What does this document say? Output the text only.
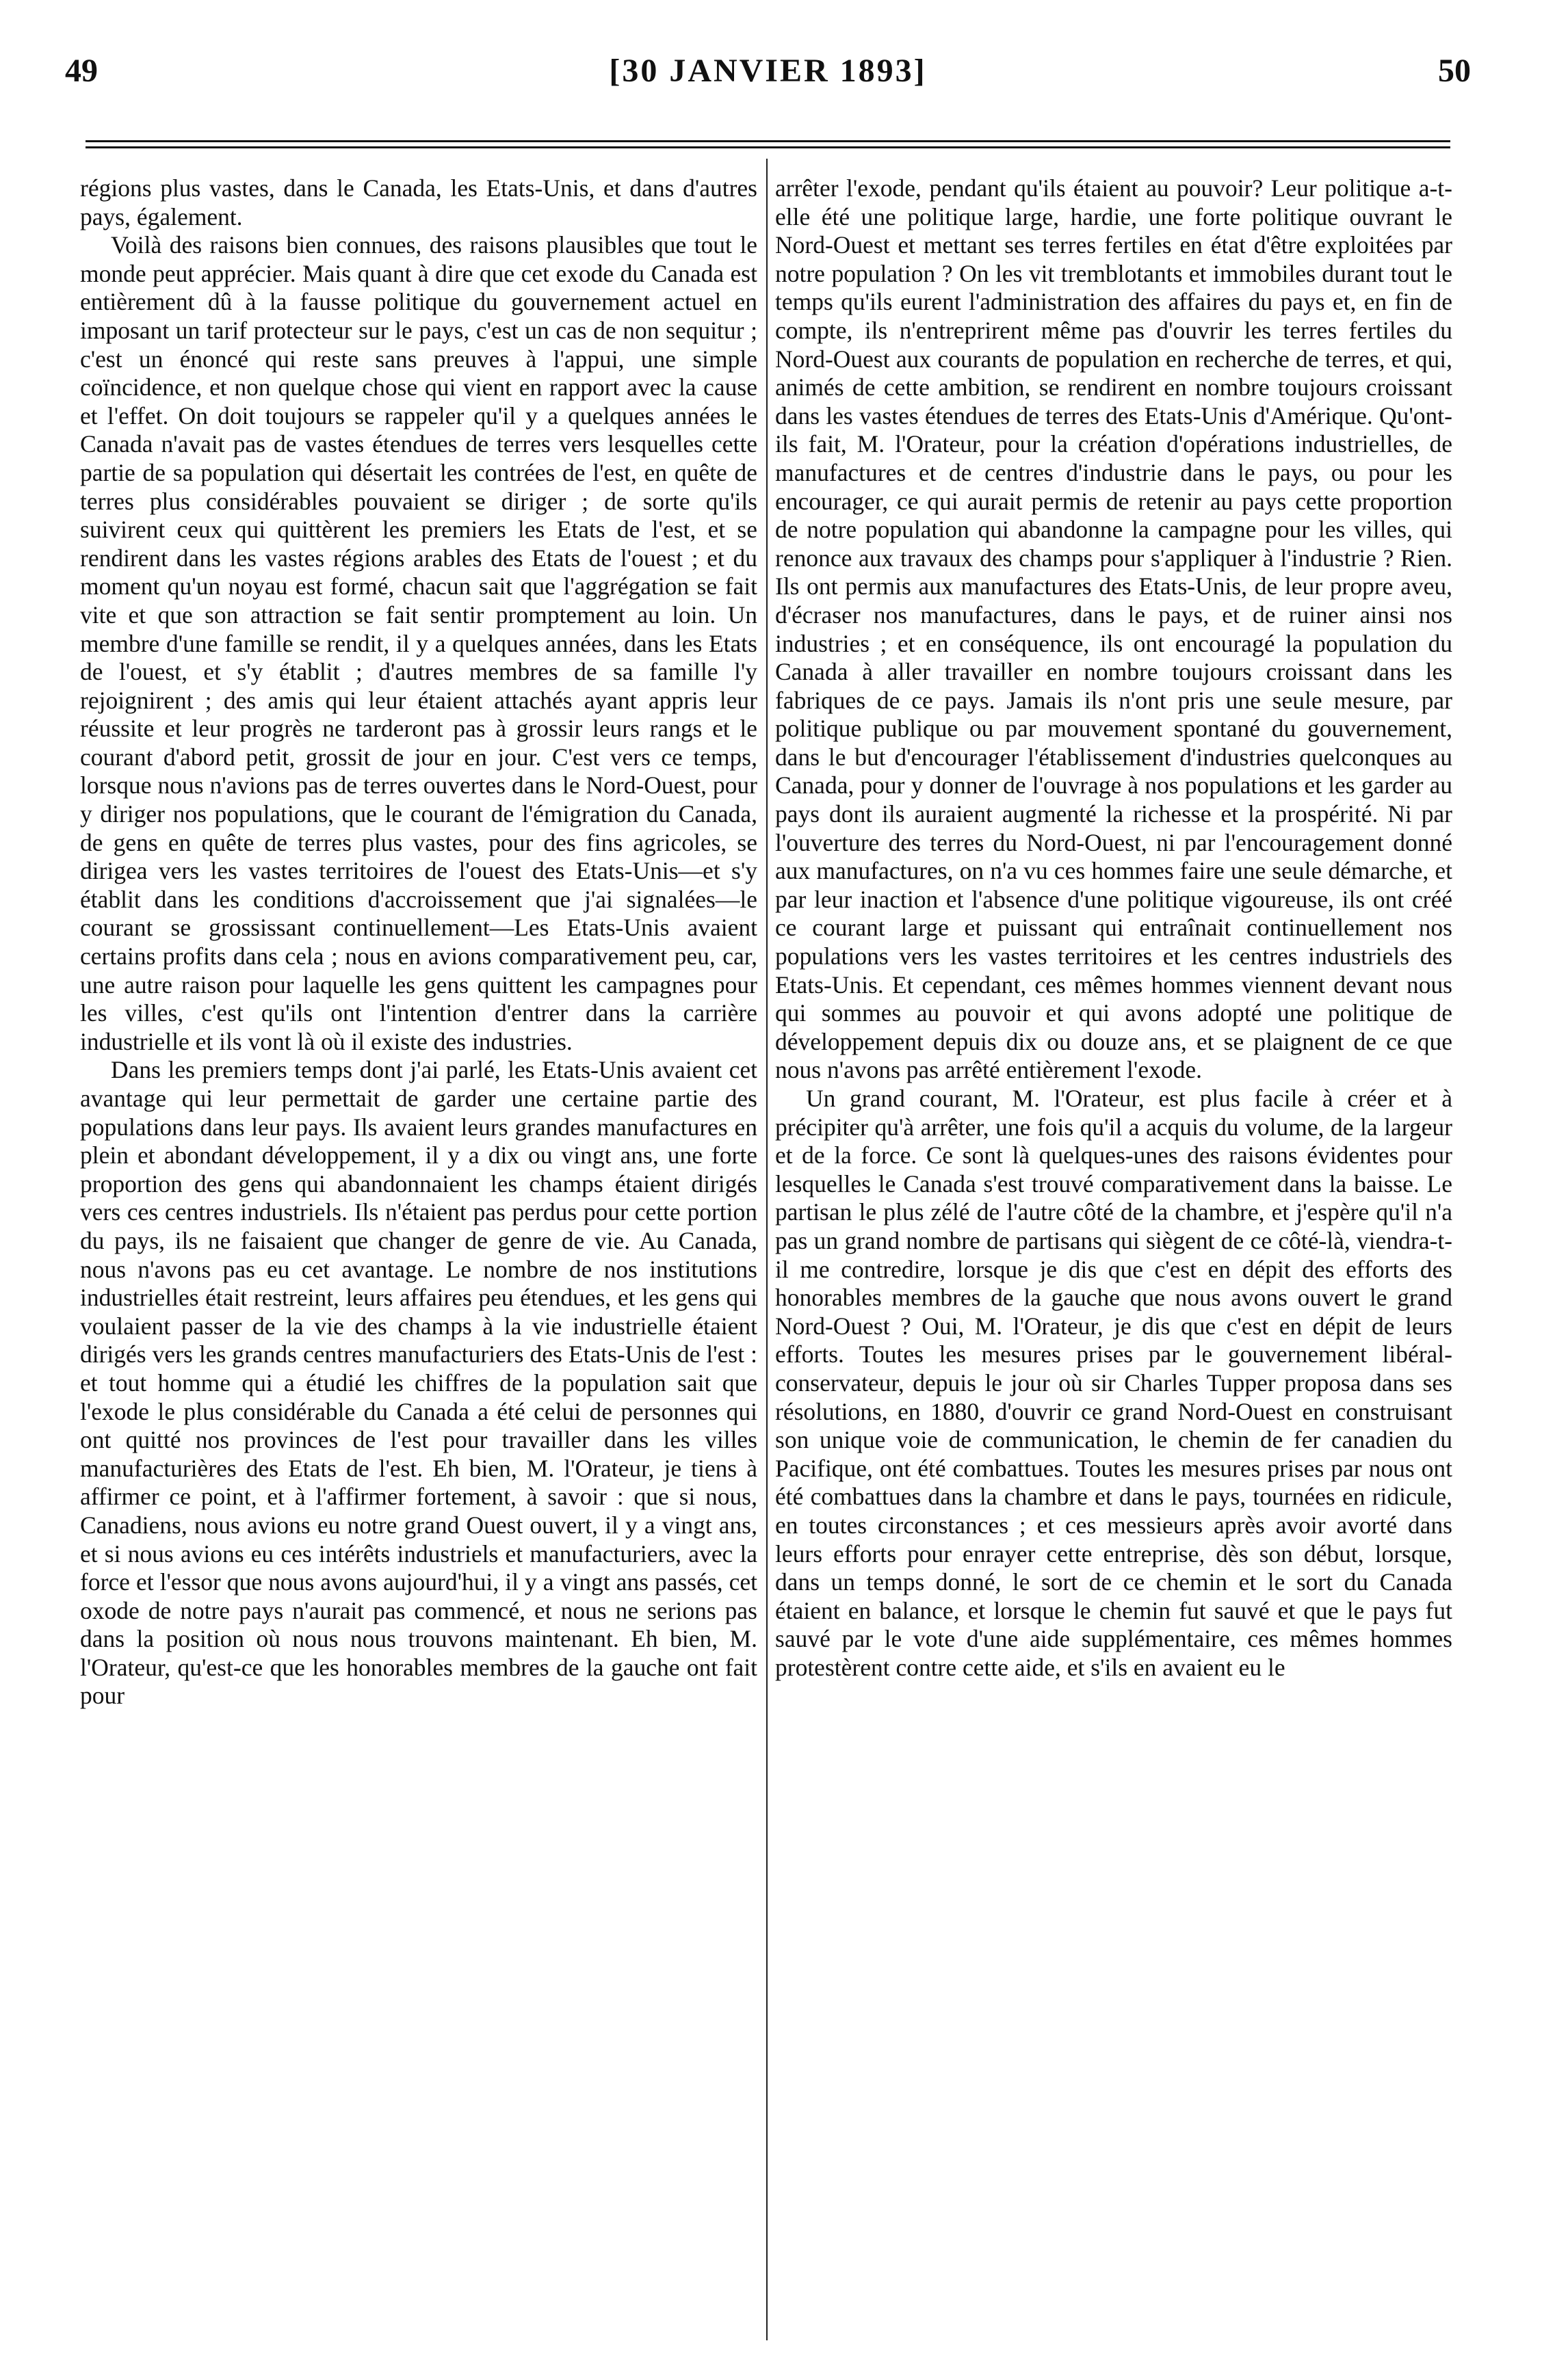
49	[30 JANVIER 1893]	50

régions plus vastes, dans le Canada, les Etats-Unis, et dans d'autres pays, également.

Voilà des raisons bien connues, des raisons plausibles que tout le monde peut apprécier. Mais quant à dire que cet exode du Canada est entièrement dû à la fausse politique du gouvernement actuel en imposant un tarif protecteur sur le pays, c'est un cas de non sequitur ; c'est un énoncé qui reste sans preuves à l'appui, une simple coïncidence, et non quelque chose qui vient en rapport avec la cause et l'effet. On doit toujours se rappeler qu'il y a quelques années le Canada n'avait pas de vastes étendues de terres vers lesquelles cette partie de sa population qui désertait les contrées de l'est, en quête de terres plus considérables pouvaient se diriger ; de sorte qu'ils suivirent ceux qui quittèrent les premiers les Etats de l'est, et se rendirent dans les vastes régions arables des Etats de l'ouest ; et du moment qu'un noyau est formé, chacun sait que l'aggrégation se fait vite et que son attraction se fait sentir promptement au loin. Un membre d'une famille se rendit, il y a quelques années, dans les Etats de l'ouest, et s'y établit ; d'autres membres de sa famille l'y rejoignirent ; des amis qui leur étaient attachés ayant appris leur réussite et leur progrès ne tarderont pas à grossir leurs rangs et le courant d'abord petit, grossit de jour en jour. C'est vers ce temps, lorsque nous n'avions pas de terres ouvertes dans le Nord-Ouest, pour y diriger nos populations, que le courant de l'émigration du Canada, de gens en quête de terres plus vastes, pour des fins agricoles, se dirigea vers les vastes territoires de l'ouest des Etats-Unis—et s'y établit dans les conditions d'accroissement que j'ai signalées—le courant se grossissant continuellement—Les Etats-Unis avaient certains profits dans cela ; nous en avions comparativement peu, car, une autre raison pour laquelle les gens quittent les campagnes pour les villes, c'est qu'ils ont l'intention d'entrer dans la carrière industrielle et ils vont là où il existe des industries.

Dans les premiers temps dont j'ai parlé, les Etats-Unis avaient cet avantage qui leur permettait de garder une certaine partie des populations dans leur pays. Ils avaient leurs grandes manufactures en plein et abondant développement, il y a dix ou vingt ans, une forte proportion des gens qui abandonnaient les champs étaient dirigés vers ces centres industriels. Ils n'étaient pas perdus pour cette portion du pays, ils ne faisaient que changer de genre de vie. Au Canada, nous n'avons pas eu cet avantage. Le nombre de nos institutions industrielles était restreint, leurs affaires peu étendues, et les gens qui voulaient passer de la vie des champs à la vie industrielle étaient dirigés vers les grands centres manufacturiers des Etats-Unis de l'est : et tout homme qui a étudié les chiffres de la population sait que l'exode le plus considérable du Canada a été celui de personnes qui ont quitté nos provinces de l'est pour travailler dans les villes manufacturières des Etats de l'est. Eh bien, M. l'Orateur, je tiens à affirmer ce point, et à l'affirmer fortement, à savoir : que si nous, Canadiens, nous avions eu notre grand Ouest ouvert, il y a vingt ans, et si nous avions eu ces intérêts industriels et manufacturiers, avec la force et l'essor que nous avons aujourd'hui, il y a vingt ans passés, cet oxode de notre pays n'aurait pas commencé, et nous ne serions pas dans la position où nous nous trouvons maintenant. Eh bien, M. l'Orateur, qu'est-ce que les honorables membres de la gauche ont fait pour

arrêter l'exode, pendant qu'ils étaient au pouvoir? Leur politique a-t-elle été une politique large, hardie, une forte politique ouvrant le Nord-Ouest et mettant ses terres fertiles en état d'être exploitées par notre population ? On les vit tremblotants et immobiles durant tout le temps qu'ils eurent l'administration des affaires du pays et, en fin de compte, ils n'entreprirent même pas d'ouvrir les terres fertiles du Nord-Ouest aux courants de population en recherche de terres, et qui, animés de cette ambition, se rendirent en nombre toujours croissant dans les vastes étendues de terres des Etats-Unis d'Amérique. Qu'ont-ils fait, M. l'Orateur, pour la création d'opérations industrielles, de manufactures et de centres d'industrie dans le pays, ou pour les encourager, ce qui aurait permis de retenir au pays cette proportion de notre population qui abandonne la campagne pour les villes, qui renonce aux travaux des champs pour s'appliquer à l'industrie ? Rien. Ils ont permis aux manufactures des Etats-Unis, de leur propre aveu, d'écraser nos manufactures, dans le pays, et de ruiner ainsi nos industries ; et en conséquence, ils ont encouragé la population du Canada à aller travailler en nombre toujours croissant dans les fabriques de ce pays. Jamais ils n'ont pris une seule mesure, par politique publique ou par mouvement spontané du gouvernement, dans le but d'encourager l'établissement d'industries quelconques au Canada, pour y donner de l'ouvrage à nos populations et les garder au pays dont ils auraient augmenté la richesse et la prospérité. Ni par l'ouverture des terres du Nord-Ouest, ni par l'encouragement donné aux manufactures, on n'a vu ces hommes faire une seule démarche, et par leur inaction et l'absence d'une politique vigoureuse, ils ont créé ce courant large et puissant qui entraînait continuellement nos populations vers les vastes territoires et les centres industriels des Etats-Unis. Et cependant, ces mêmes hommes viennent devant nous qui sommes au pouvoir et qui avons adopté une politique de développement depuis dix ou douze ans, et se plaignent de ce que nous n'avons pas arrêté entièrement l'exode.

Un grand courant, M. l'Orateur, est plus facile à créer et à précipiter qu'à arrêter, une fois qu'il a acquis du volume, de la largeur et de la force. Ce sont là quelques-unes des raisons évidentes pour lesquelles le Canada s'est trouvé comparativement dans la baisse. Le partisan le plus zélé de l'autre côté de la chambre, et j'espère qu'il n'a pas un grand nombre de partisans qui siègent de ce côté-là, viendra-t-il me contredire, lorsque je dis que c'est en dépit des efforts des honorables membres de la gauche que nous avons ouvert le grand Nord-Ouest ? Oui, M. l'Orateur, je dis que c'est en dépit de leurs efforts. Toutes les mesures prises par le gouvernement libéral-conservateur, depuis le jour où sir Charles Tupper proposa dans ses résolutions, en 1880, d'ouvrir ce grand Nord-Ouest en construisant son unique voie de communication, le chemin de fer canadien du Pacifique, ont été combattues. Toutes les mesures prises par nous ont été combattues dans la chambre et dans le pays, tournées en ridicule, en toutes circonstances ; et ces messieurs après avoir avorté dans leurs efforts pour enrayer cette entreprise, dès son début, lorsque, dans un temps donné, le sort de ce chemin et le sort du Canada étaient en balance, et lorsque le chemin fut sauvé et que le pays fut sauvé par le vote d'une aide supplémentaire, ces mêmes hommes protestèrent contre cette aide, et s'ils en avaient eu le
